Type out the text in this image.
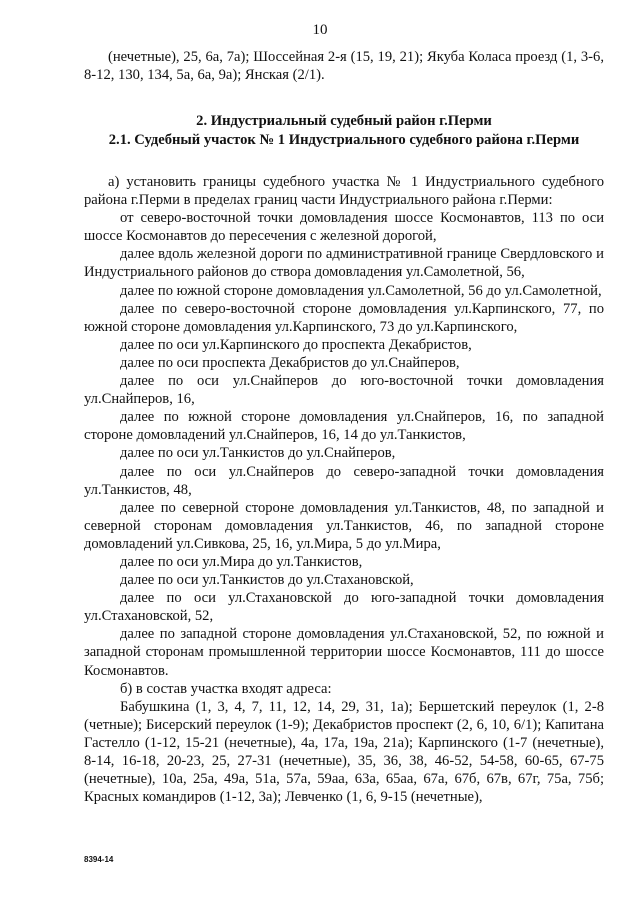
10

(нечетные), 25, 6а, 7а); Шоссейная 2-я (15, 19, 21); Якуба Коласа проезд (1, 3-6, 8-12, 130, 134, 5а, 6а, 9а); Янская (2/1).

2. Индустриальный судебный район г.Перми
2.1. Судебный участок № 1 Индустриального судебного района г.Перми

а) установить границы судебного участка № 1 Индустриального судебного района г.Перми в пределах границ части Индустриального района г.Перми:

от северо-восточной точки домовладения шоссе Космонавтов, 113 по оси шоссе Космонавтов до пересечения с железной дорогой,

далее вдоль железной дороги по административной границе Свердловского и Индустриального районов до створа домовладения ул.Самолетной, 56,

далее по южной стороне домовладения ул.Самолетной, 56 до ул.Самолетной,

далее по северо-восточной стороне домовладения ул.Карпинского, 77, по южной стороне домовладения ул.Карпинского, 73 до ул.Карпинского,

далее по оси ул.Карпинского до проспекта Декабристов,

далее по оси проспекта Декабристов до ул.Снайперов,

далее по оси ул.Снайперов до юго-восточной точки домовладения ул.Снайперов, 16,

далее по южной стороне домовладения ул.Снайперов, 16, по западной стороне домовладений ул.Снайперов, 16, 14 до ул.Танкистов,

далее по оси ул.Танкистов до ул.Снайперов,

далее по оси ул.Снайперов до северо-западной точки домовладения ул.Танкистов, 48,

далее по северной стороне домовладения ул.Танкистов, 48, по западной и северной сторонам домовладения ул.Танкистов, 46, по западной стороне домовладений ул.Сивкова, 25, 16, ул.Мира, 5 до ул.Мира,

далее по оси ул.Мира до ул.Танкистов,

далее по оси ул.Танкистов до ул.Стахановской,

далее по оси ул.Стахановской до юго-западной точки домовладения ул.Стахановской, 52,

далее по западной стороне домовладения ул.Стахановской, 52, по южной и западной сторонам промышленной территории шоссе Космонавтов, 111 до шоссе Космонавтов.

б) в состав участка входят адреса:

Бабушкина (1, 3, 4, 7, 11, 12, 14, 29, 31, 1а); Бершетский переулок (1, 2-8 (четные); Бисерский переулок (1-9); Декабристов проспект (2, 6, 10, 6/1); Капитана Гастелло (1-12, 15-21 (нечетные), 4а, 17а, 19а, 21а); Карпинского (1-7 (нечетные), 8-14, 16-18, 20-23, 25, 27-31 (нечетные), 35, 36, 38, 46-52, 54-58, 60-65, 67-75 (нечетные), 10а, 25а, 49а, 51а, 57а, 59аа, 63а, 65аа, 67а, 67б, 67в, 67г, 75а, 75б; Красных командиров (1-12, 3а); Левченко (1, 6, 9-15 (нечетные),

8394-14
